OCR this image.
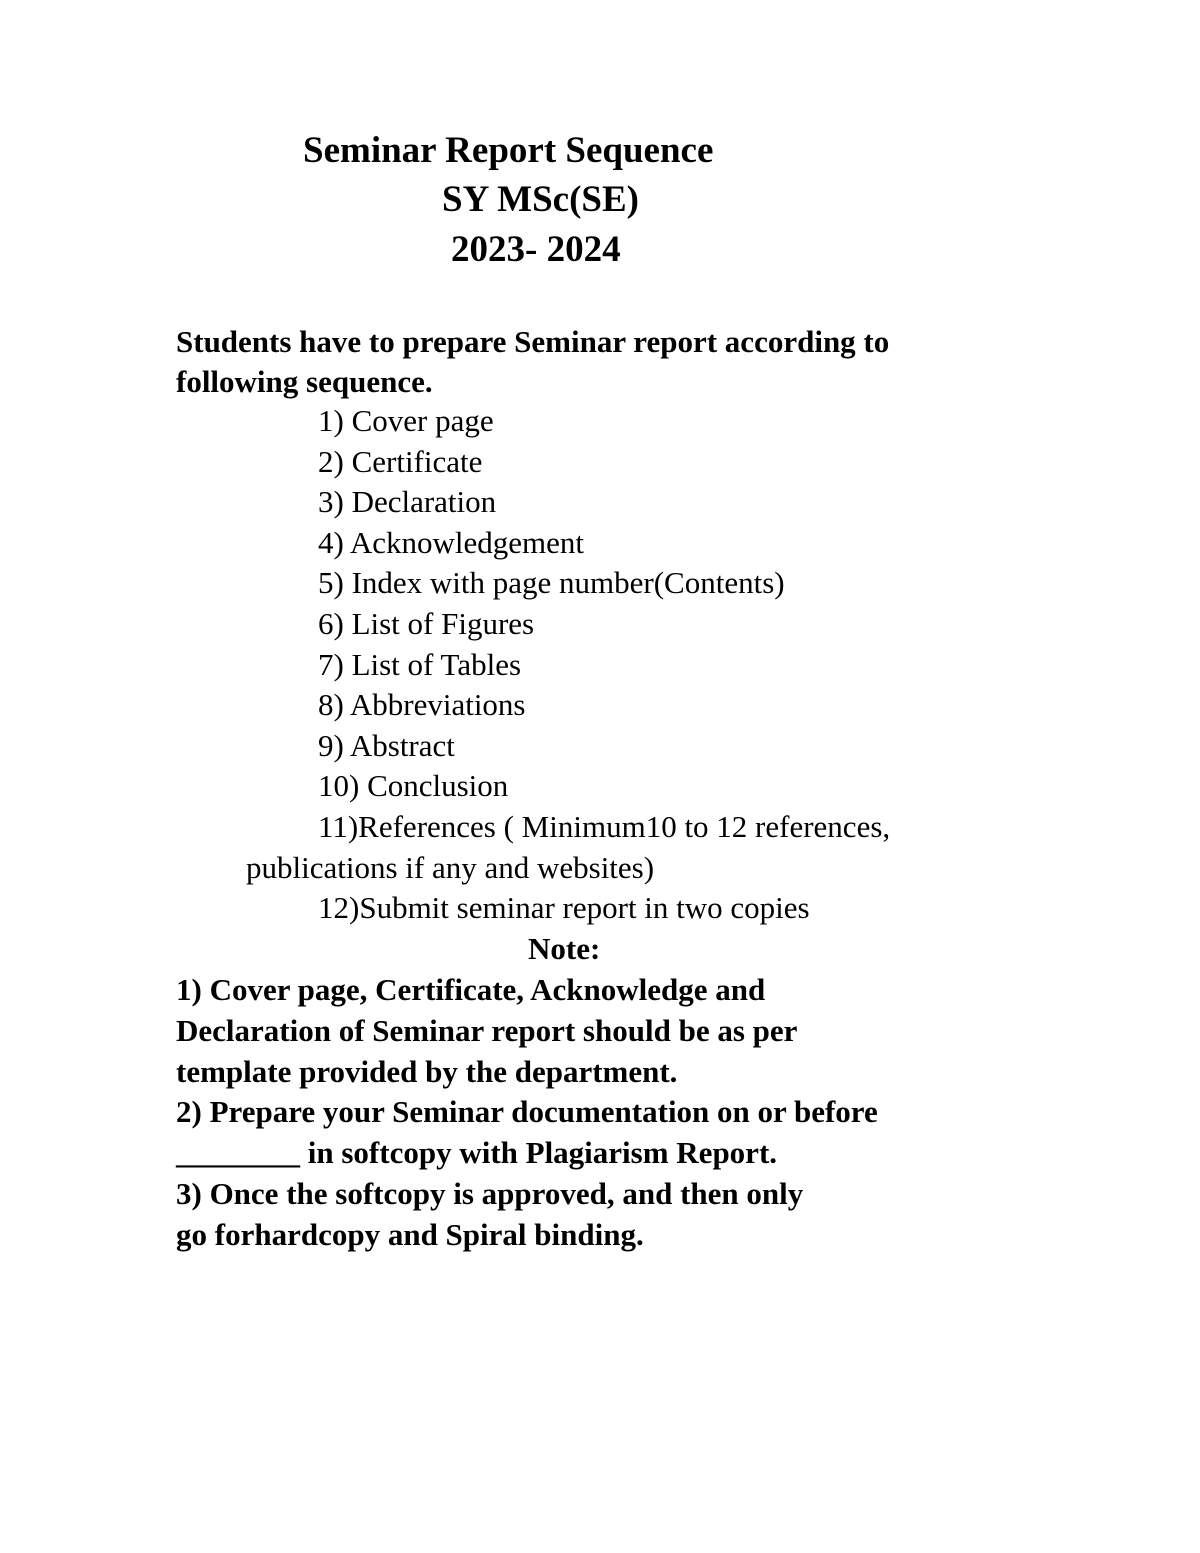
Seminar Report Sequence
SY MSc(SE)
2023- 2024
Students have to prepare Seminar report according to
following sequence.
1) Cover page
2) Certificate
3) Declaration
4) Acknowledgement
5) Index with page number(Contents)
6) List of Figures
7) List of Tables
8) Abbreviations
9) Abstract
10) Conclusion
11)References ( Minimum10 to 12 references,
publications if any and websites)
12)Submit seminar report in two copies
Note:
1) Cover page, Certificate, Acknowledge and
Declaration of Seminar report should be as per
template provided by the department.
2) Prepare your Seminar documentation on or before
________ in softcopy with Plagiarism Report.
3) Once the softcopy is approved, and then only
go forhardcopy and Spiral binding.
